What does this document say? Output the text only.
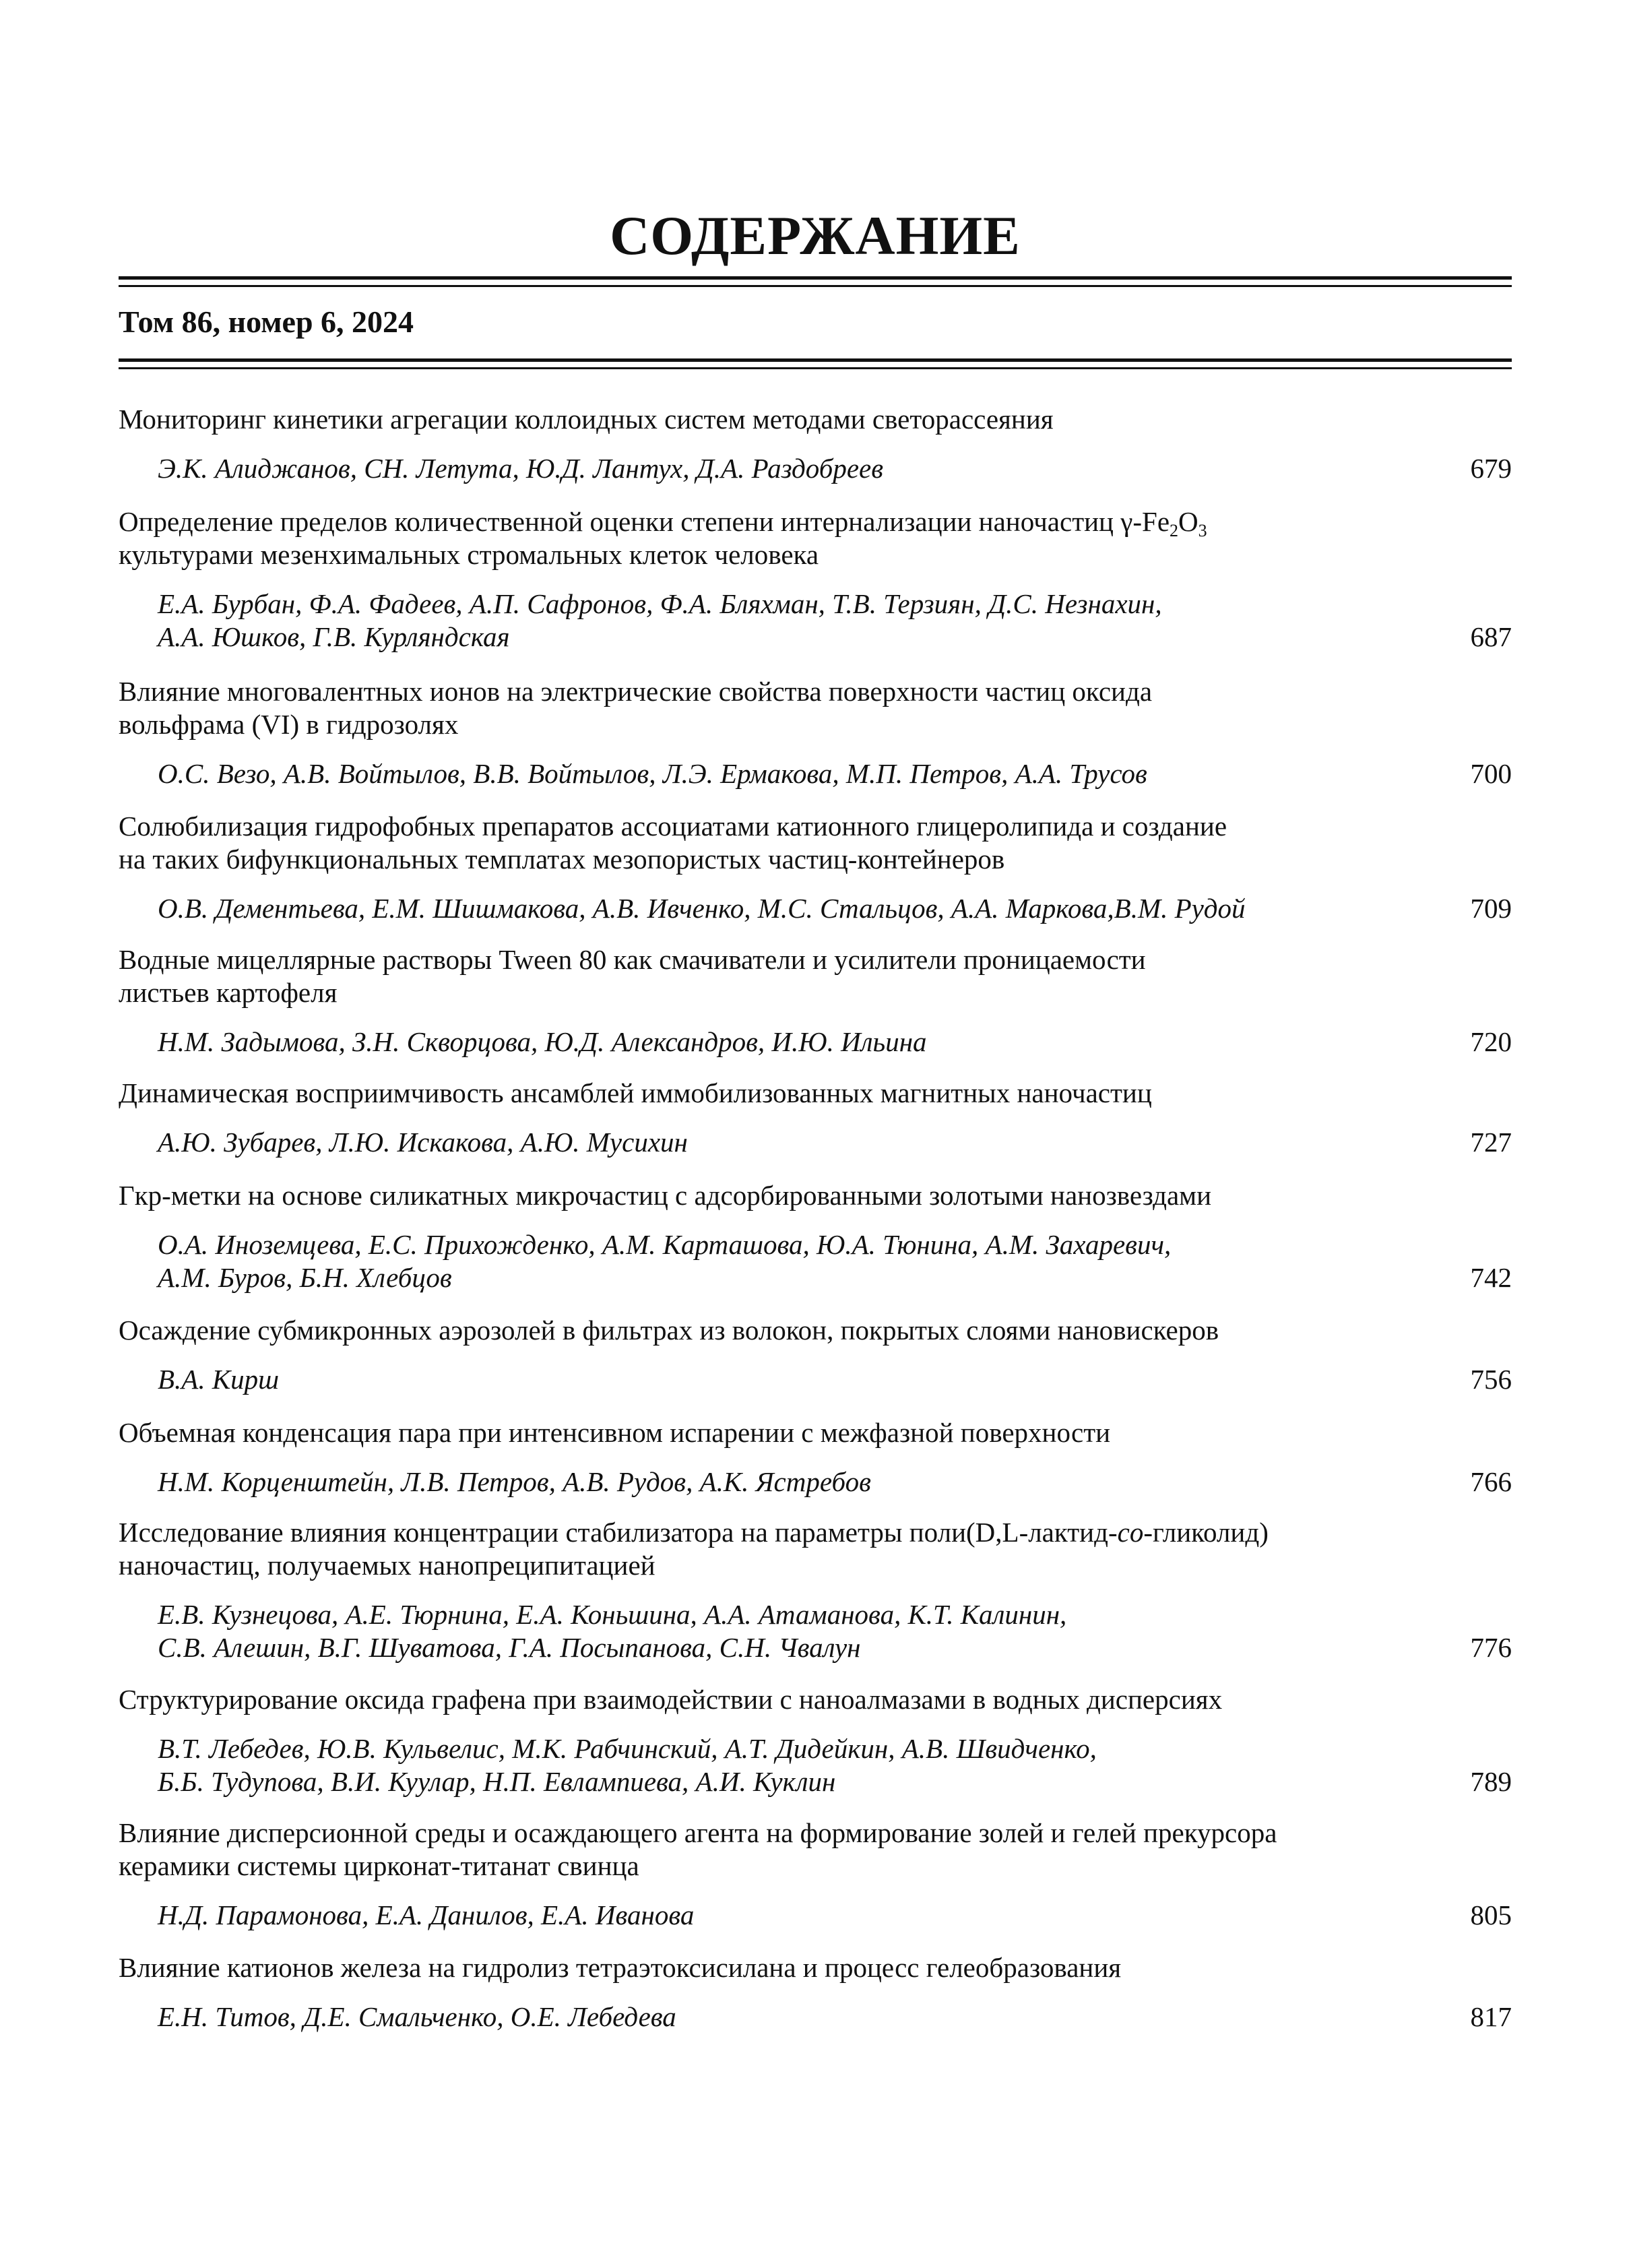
СОДЕРЖАНИЕ
Том 86, номер 6, 2024
Мониторинг кинетики агрегации коллоидных систем методами светорассеяния
Э.К. Алиджанов, СН. Летута, Ю.Д. Лантух, Д.А. Раздобреев	679
Определение пределов количественной оценки степени интернализации наночастиц $\gamma-Fe_2O_3$
культурами мезенхимальных стромальных клеток человека
Е.А. Бурбан, Ф.А. Фадеев, А.П. Сафронов, Ф.А. Бляхман, Т.В. Терзиян, Д.С. Незнахин,
А.А. Юшков, Г.В. Курляндская	687
Влияние многовалентных ионов на электрические свойства поверхности частиц оксида
вольфрама (VI) в гидрозолях
О.С. Везо, А.В. Войтылов, В.В. Войтылов, Л.Э. Ермакова, М.П. Петров, А.А. Трусов	700
Солюбилизация гидрофобных препаратов ассоциатами катионного глицеролипида и создание
на таких бифункциональных темплатах мезопористых частиц-контейнеров
О.В. Дементьева, Е.М. Шишмакова, А.В. Ивченко, М.С. Стальцов, А.А. Маркова,В.М. Рудой	709
Водные мицеллярные растворы Tween 80 как смачиватели и усилители проницаемости
листьев картофеля
Н.М. Задымова, З.Н. Скворцова, Ю.Д. Александров, И.Ю. Ильина	720
Динамическая восприимчивость ансамблей иммобилизованных магнитных наночастиц
А.Ю. Зубарев, Л.Ю. Искакова, А.Ю. Мусихин	727
Гкр-метки на основе силикатных микрочастиц с адсорбированными золотыми нанозвездами
О.А. Иноземцева, Е.С. Прихожденко, А.М. Карташова, Ю.А. Тюнина, А.М. Захаревич,
А.М. Буров, Б.Н. Хлебцов	742
Осаждение субмикронных аэрозолей в фильтрах из волокон, покрытых слоями нановискеров
В.А. Кирш	756
Объемная конденсация пара при интенсивном испарении с межфазной поверхности
Н.М. Корценштейн, Л.В. Петров, А.В. Рудов, А.К. Ястребов	766
Исследование влияния концентрации стабилизатора на параметры поли(D,L-лактид-co-гликолид)
наночастиц, получаемых нанопреципитацией
Е.В. Кузнецова, А.Е. Тюрнина, Е.А. Коньшина, А.А. Атаманова, К.Т. Калинин,
С.В. Алешин, В.Г. Шуватова, Г.А. Посыпанова, С.Н. Чвалун	776
Структурирование оксида графена при взаимодействии с наноалмазами в водных дисперсиях
В.Т. Лебедев, Ю.В. Кульвелис, М.К. Рабчинский, А.Т. Дидейкин, А.В. Швидченко,
Б.Б. Тудупова, В.И. Куулар, Н.П. Евлампиева, А.И. Куклин	789
Влияние дисперсионной среды и осаждающего агента на формирование золей и гелей прекурсора
керамики системы цирконат-титанат свинца
Н.Д. Парамонова, Е.А. Данилов, Е.А. Иванова	805
Влияние катионов железа на гидролиз тетраэтоксисилана и процесс гелеобразования
Е.Н. Титов, Д.Е. Смальченко, О.Е. Лебедева	817
